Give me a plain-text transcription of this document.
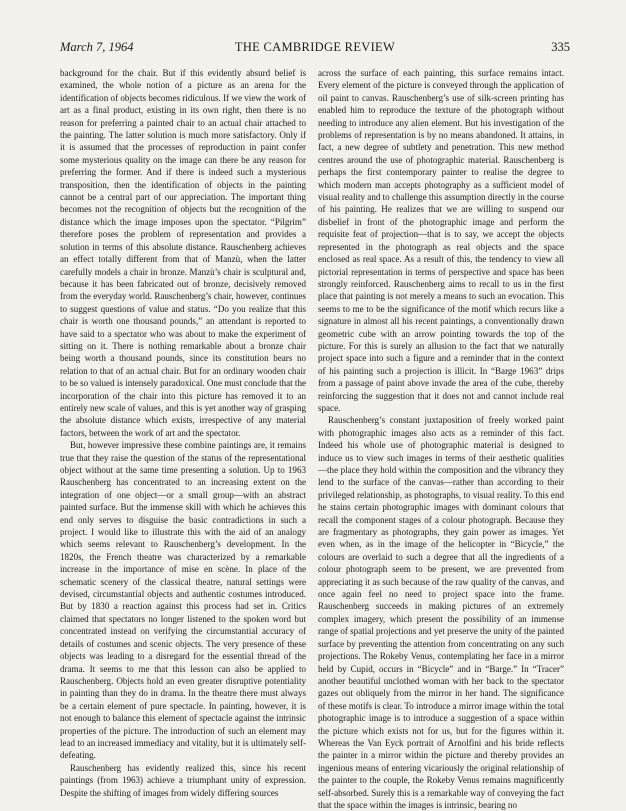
March 7, 1964	THE CAMBRIDGE REVIEW	335

background for the chair. But if this evidently absurd belief is examined, the whole notion of a picture as an arena for the identification of objects becomes ridiculous. If we view the work of art as a final product, existing in its own right, then there is no reason for preferring a painted chair to an actual chair attached to the painting. The latter solution is much more satisfactory. Only if it is assumed that the processes of reproduction in paint confer some mysterious quality on the image can there be any reason for preferring the former. And if there is indeed such a mysterious transposition, then the identification of objects in the painting cannot be a central part of our appreciation. The important thing becomes not the recognition of objects but the recognition of the distance which the image imposes upon the spectator. “Pilgrim” therefore poses the problem of representation and provides a solution in terms of this absolute distance. Rauschenberg achieves an effect totally different from that of Manzù, when the latter carefully models a chair in bronze. Manzù’s chair is sculptural and, because it has been fabricated out of bronze, decisively removed from the everyday world. Rauschenberg’s chair, however, continues to suggest questions of value and status. “Do you realize that this chair is worth one thousand pounds,” an attendant is reported to have said to a spectator who was about to make the experiment of sitting on it. There is nothing remarkable about a bronze chair being worth a thousand pounds, since its constitution bears no relation to that of an actual chair. But for an ordinary wooden chair to be so valued is intensely paradoxical. One must conclude that the incorporation of the chair into this picture has removed it to an entirely new scale of values, and this is yet another way of grasping the absolute distance which exists, irrespective of any material factors, between the work of art and the spectator.

But, however impressive these combine paintings are, it remains true that they raise the question of the status of the representational object without at the same time presenting a solution. Up to 1963 Rauschenberg has concentrated to an increasing extent on the integration of one object—or a small group—with an abstract painted surface. But the immense skill with which he achieves this end only serves to disguise the basic contradictions in such a project. I would like to illustrate this with the aid of an analogy which seems relevant to Rauschenberg’s development. In the 1820s, the French theatre was characterized by a remarkable increase in the importance of mise en scène. In place of the schematic scenery of the classical theatre, natural settings were devised, circumstantial objects and authentic costumes introduced. But by 1830 a reaction against this process had set in. Critics claimed that spectators no longer listened to the spoken word but concentrated instead on verifying the circumstantial accuracy of details of costumes and scenic objects. The very presence of these objects was leading to a disregard for the essential thread of the drama. It seems to me that this lesson can also be applied to Rauschenberg. Objects hold an even greater disruptive potentiality in painting than they do in drama. In the theatre there must always be a certain element of pure spectacle. In painting, however, it is not enough to balance this element of spectacle against the intrinsic properties of the picture. The introduction of such an element may lead to an increased immediacy and vitality, but it is ultimately self-defeating.

Rauschenberg has evidently realized this, since his recent paintings (from 1963) achieve a triumphant unity of expression. Despite the shifting of images from widely differing sources

across the surface of each painting, this surface remains intact. Every element of the picture is conveyed through the application of oil paint to canvas. Rauschenberg’s use of silk-screen printing has enabled him to reproduce the texture of the photograph without needing to introduce any alien element. But his investigation of the problems of representation is by no means abandoned. It attains, in fact, a new degree of subtlety and penetration. This new method centres around the use of photographic material. Rauschenberg is perhaps the first contemporary painter to realise the degree to which modern man accepts photography as a sufficient model of visual reality and to challenge this assumption directly in the course of his painting. He realizes that we are willing to suspend our disbelief in front of the photographic image and perform the requisite feat of projection—that is to say, we accept the objects represented in the photograph as real objects and the space enclosed as real space. As a result of this, the tendency to view all pictorial representation in terms of perspective and space has been strongly reinforced. Rauschenberg aims to recall to us in the first place that painting is not merely a means to such an evocation. This seems to me to be the significance of the motif which recurs like a signature in almost all his recent paintings, a conventionally drawn geometric cube with an arrow pointing towards the top of the picture. For this is surely an allusion to the fact that we naturally project space into such a figure and a reminder that in the context of his painting such a projection is illicit. In “Barge 1963” drips from a passage of paint above invade the area of the cube, thereby reinforcing the suggestion that it does not and cannot include real space.

Rauschenberg’s constant juxtaposition of freely worked paint with photographic images also acts as a reminder of this fact. Indeed his whole use of photographic material is designed to induce us to view such images in terms of their aesthetic qualities—the place they hold within the composition and the vibrancy they lend to the surface of the canvas—rather than according to their privileged relationship, as photographs, to visual reality. To this end he stains certain photographic images with dominant colours that recall the component stages of a colour photograph. Because they are fragmentary as photographs, they gain power as images. Yet even when, as in the image of the helicopter in “Bicycle,” the colours are overlaid to such a degree that all the ingredients of a colour photograph seem to be present, we are prevented from appreciating it as such because of the raw quality of the canvas, and once again feel no need to project space into the frame. Rauschenberg succeeds in making pictures of an extremely complex imagery, which present the possibility of an immense range of spatial projections and yet preserve the unity of the painted surface by preventing the attention from concentrating on any such projections. The Rokeby Venus, contemplating her face in a mirror held by Cupid, occurs in “Bicycle” and in “Barge.” In “Tracer” another beautiful unclothed woman with her back to the spectator gazes out obliquely from the mirror in her hand. The significance of these motifs is clear. To introduce a mirror image within the total photographic image is to introduce a suggestion of a space within the picture which exists not for us, but for the figures within it. Whereas the Van Eyck portrait of Arnolfini and his bride reflects the painter in a mirror within the picture and thereby provides an ingenious means of entering vicariously the original relationship of the painter to the couple, the Rokeby Venus remains magnificently self-absorbed. Surely this is a remarkable way of conveying the fact that the space within the images is intrinsic, bearing no
